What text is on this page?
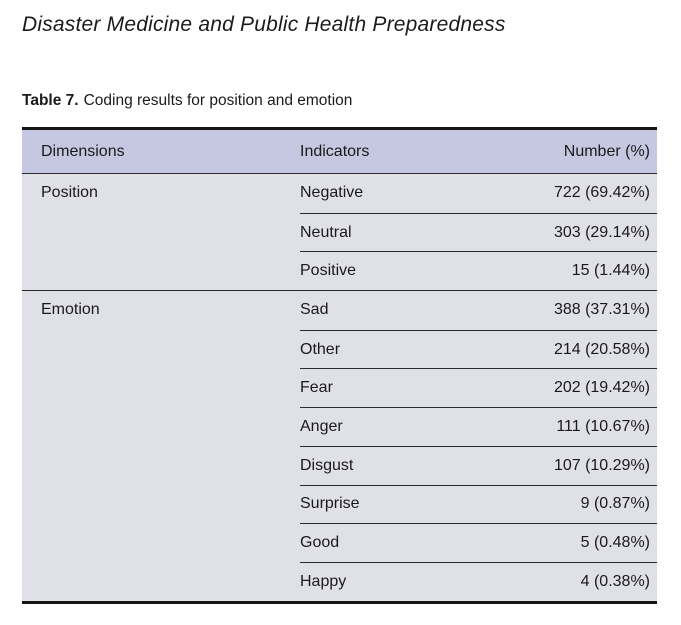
Disaster Medicine and Public Health Preparedness
Table 7. Coding results for position and emotion
Dimensions	Indicators	Number (%)
Position	Negative	722 (69.42%)
Neutral	303 (29.14%)
Positive	15 (1.44%)
Emotion	Sad	388 (37.31%)
Other	214 (20.58%)
Fear	202 (19.42%)
Anger	111 (10.67%)
Disgust	107 (10.29%)
Surprise	9 (0.87%)
Good	5 (0.48%)
Happy	4 (0.38%)
